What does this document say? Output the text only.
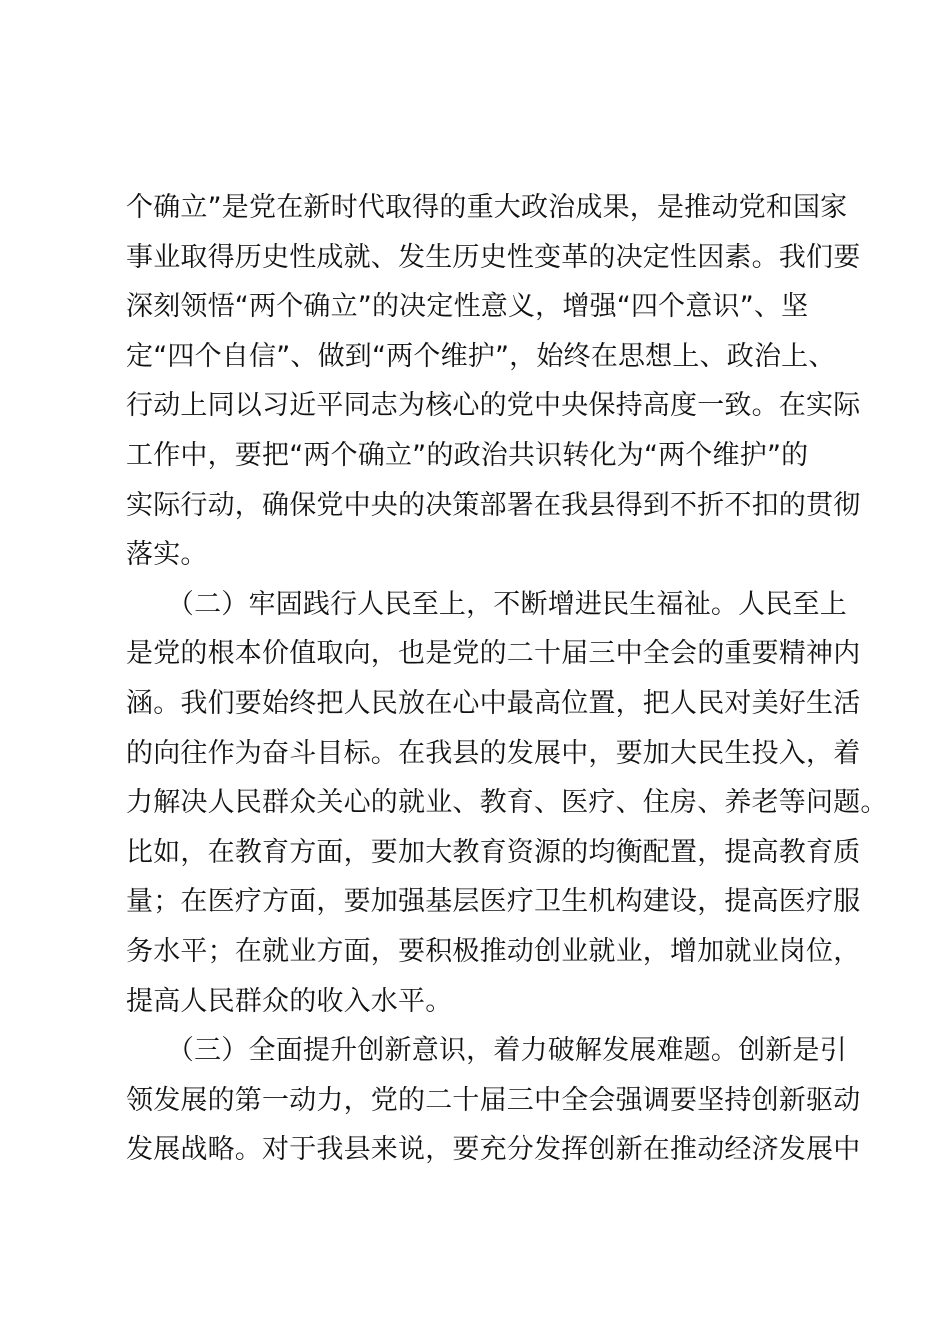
个确立”是党在新时代取得的重大政治成果，是推动党和国家
事业取得历史性成就、发生历史性变革的决定性因素。我们要
深刻领悟“两个确立”的决定性意义，增强“四个意识”、坚
定“四个自信”、做到“两个维护”，始终在思想上、政治上、
行动上同以习近平同志为核心的党中央保持高度一致。在实际
工作中，要把“两个确立”的政治共识转化为“两个维护”的
实际行动，确保党中央的决策部署在我县得到不折不扣的贯彻
落实。
　　（二）牢固践行人民至上，不断增进民生福祉。人民至上
是党的根本价值取向，也是党的二十届三中全会的重要精神内
涵。我们要始终把人民放在心中最高位置，把人民对美好生活
的向往作为奋斗目标。在我县的发展中，要加大民生投入，着
力解决人民群众关心的就业、教育、医疗、住房、养老等问题。
比如，在教育方面，要加大教育资源的均衡配置，提高教育质
量；在医疗方面，要加强基层医疗卫生机构建设，提高医疗服
务水平；在就业方面，要积极推动创业就业，增加就业岗位，
提高人民群众的收入水平。
　　（三）全面提升创新意识，着力破解发展难题。创新是引
领发展的第一动力，党的二十届三中全会强调要坚持创新驱动
发展战略。对于我县来说，要充分发挥创新在推动经济发展中
